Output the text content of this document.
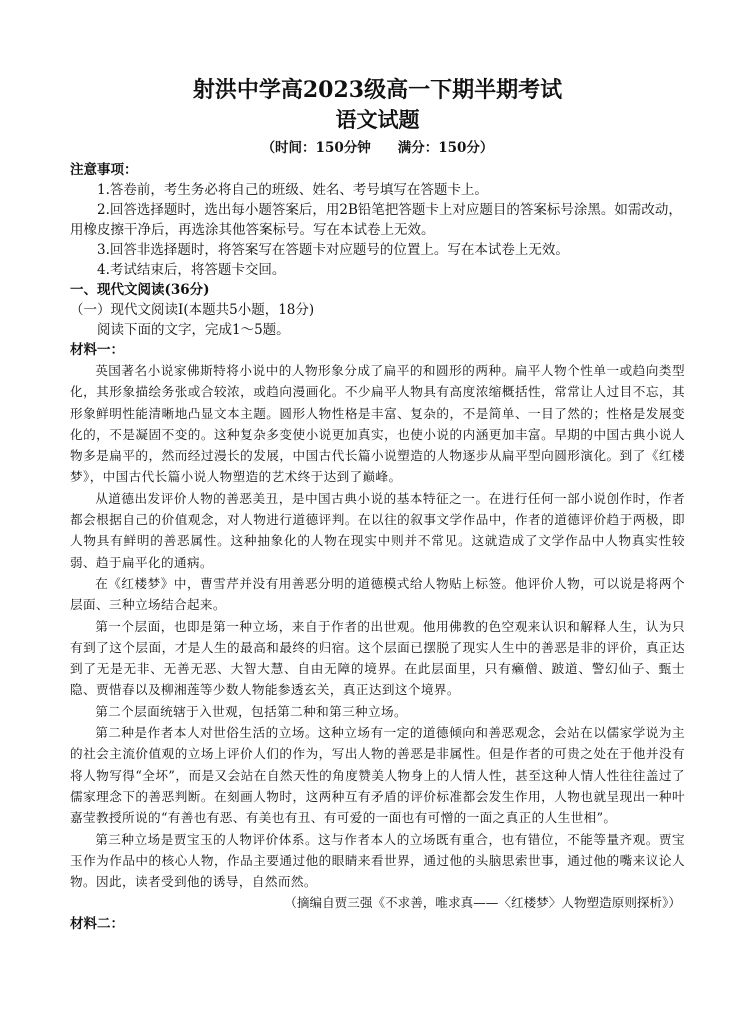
射洪中学高2023级高一下期半期考试
语文试题

（时间：150分钟　　满分：150分）

注意事项：

1.答卷前，考生务必将自己的班级、姓名、考号填写在答题卡上。

2.回答选择题时，选出每小题答案后，用2B铅笔把答题卡上对应题目的答案标号涂黑。如需改动，用橡皮擦干净后，再选涂其他答案标号。写在本试卷上无效。

3.回答非选择题时，将答案写在答题卡对应题号的位置上。写在本试卷上无效。

4.考试结束后，将答题卡交回。

一、现代文阅读(36分)

（一）现代文阅读Ⅰ(本题共5小题，18分)

阅读下面的文字，完成1～5题。

材料一：

英国著名小说家佛斯特将小说中的人物形象分成了扁平的和圆形的两种。扁平人物个性单一或趋向类型化，其形象描绘务张或合较浓，或趋向漫画化。不少扁平人物具有高度浓缩概括性，常常让人过目不忘，其形象鲜明性能清晰地凸显文本主题。圆形人物性格是丰富、复杂的，不是简单、一目了然的；性格是发展变化的，不是凝固不变的。这种复杂多变使小说更加真实，也使小说的内涵更加丰富。早期的中国古典小说人物多是扁平的，然而经过漫长的发展，中国古代长篇小说塑造的人物逐步从扁平型向圆形演化。到了《红楼梦》，中国古代长篇小说人物塑造的艺术终于达到了巅峰。

从道德出发评价人物的善恶美丑，是中国古典小说的基本特征之一。在进行任何一部小说创作时，作者都会根据自己的价值观念，对人物进行道德评判。在以往的叙事文学作品中，作者的道德评价趋于两极，即人物具有鲜明的善恶属性。这种抽象化的人物在现实中则并不常见。这就造成了文学作品中人物真实性较弱、趋于扁平化的通病。

在《红楼梦》中，曹雪芹并没有用善恶分明的道德模式给人物贴上标签。他评价人物，可以说是将两个层面、三种立场结合起来。

第一个层面，也即是第一种立场，来自于作者的出世观。他用佛教的色空观来认识和解释人生，认为只有到了这个层面，才是人生的最高和最终的归宿。这个层面已摆脱了现实人生中的善恶是非的评价，真正达到了无是无非、无善无恶、大智大慧、自由无障的境界。在此层面里，只有癞僧、跛道、警幻仙子、甄士隐、贾惜春以及柳湘莲等少数人物能参透玄关，真正达到这个境界。

第二个层面统辖于入世观，包括第二种和第三种立场。

第二种是作者本人对世俗生活的立场。这种立场有一定的道德倾向和善恶观念，会站在以儒家学说为主的社会主流价值观的立场上评价人们的作为，写出人物的善恶是非属性。但是作者的可贵之处在于他并没有将人物写得“全坏”，而是又会站在自然天性的角度赞美人物身上的人情人性，甚至这种人情人性往往盖过了儒家理念下的善恶判断。在刻画人物时，这两种互有矛盾的评价标准都会发生作用，人物也就呈现出一种叶嘉莹教授所说的“有善也有恶、有美也有丑、有可爱的一面也有可憎的一面之真正的人生世相”。

第三种立场是贾宝玉的人物评价体系。这与作者本人的立场既有重合，也有错位，不能等量齐观。贾宝玉作为作品中的核心人物，作品主要通过他的眼睛来看世界，通过他的头脑思索世事，通过他的嘴来议论人物。因此，读者受到他的诱导，自然而然。

（摘编自贾三强《不求善，唯求真——〈红楼梦〉人物塑造原则探析》）

材料二：
